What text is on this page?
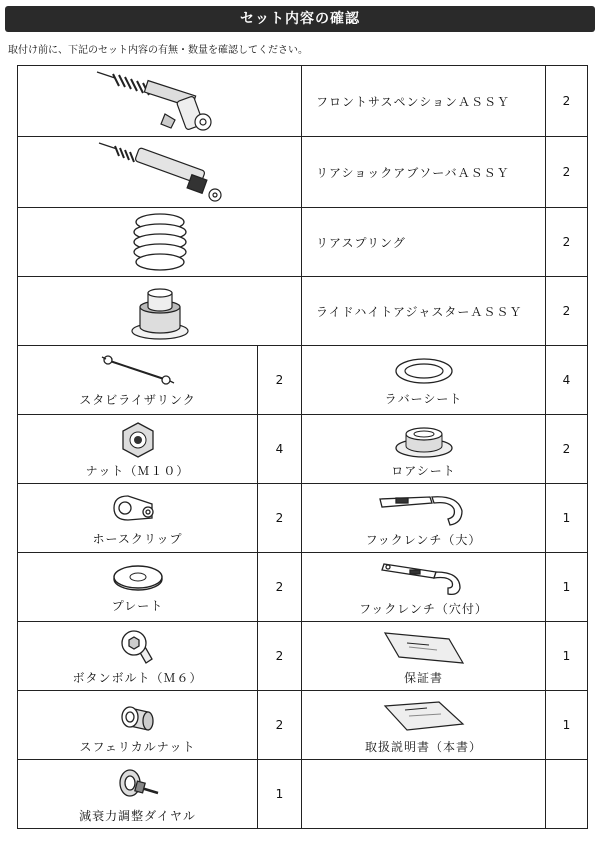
セット内容の確認
取付け前に、下記のセット内容の有無・数量を確認してください。
	フロントサスペンションＡＳＳＹ	2

	リアショックアブソーバＡＳＳＹ	2

	リアスプリング	2

	ライドハイトアジャスターＡＳＳＹ	2

スタビライザリンク	2	ラバーシート	4

ナット（Ｍ１０）	4	ロアシート	2

ホースクリップ	2	フックレンチ（大）	1

プレート	2	フックレンチ（穴付）	1

ボタンボルト（Ｍ６）	2	保証書	1

スフェリカルナット	2	取扱説明書（本書）	1

減衰力調整ダイヤル	1		
